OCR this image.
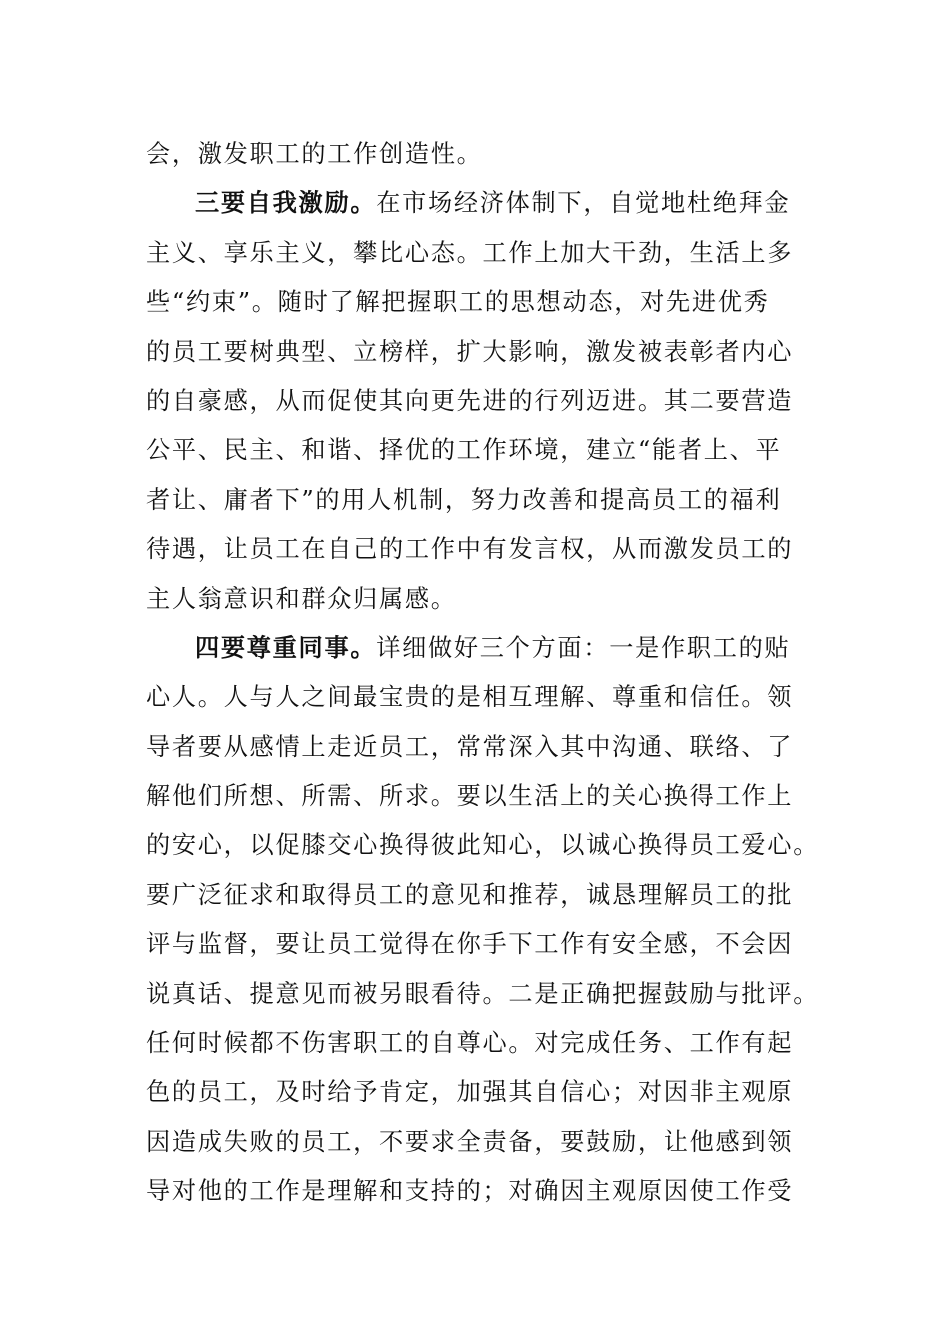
会，激发职工的工作创造性。
三要自我激励。在市场经济体制下，自觉地杜绝拜金
主义、享乐主义，攀比心态。工作上加大干劲，生活上多
些“约束”。随时了解把握职工的思想动态，对先进优秀
的员工要树典型、立榜样，扩大影响，激发被表彰者内心
的自豪感，从而促使其向更先进的行列迈进。其二要营造
公平、民主、和谐、择优的工作环境，建立“能者上、平
者让、庸者下”的用人机制，努力改善和提高员工的福利
待遇，让员工在自己的工作中有发言权，从而激发员工的
主人翁意识和群众归属感。
四要尊重同事。详细做好三个方面：一是作职工的贴
心人。人与人之间最宝贵的是相互理解、尊重和信任。领
导者要从感情上走近员工，常常深入其中沟通、联络、了
解他们所想、所需、所求。要以生活上的关心换得工作上
的安心，以促膝交心换得彼此知心，以诚心换得员工爱心。
要广泛征求和取得员工的意见和推荐，诚恳理解员工的批
评与监督，要让员工觉得在你手下工作有安全感，不会因
说真话、提意见而被另眼看待。二是正确把握鼓励与批评。
任何时候都不伤害职工的自尊心。对完成任务、工作有起
色的员工，及时给予肯定，加强其自信心；对因非主观原
因造成失败的员工，不要求全责备，要鼓励，让他感到领
导对他的工作是理解和支持的；对确因主观原因使工作受
